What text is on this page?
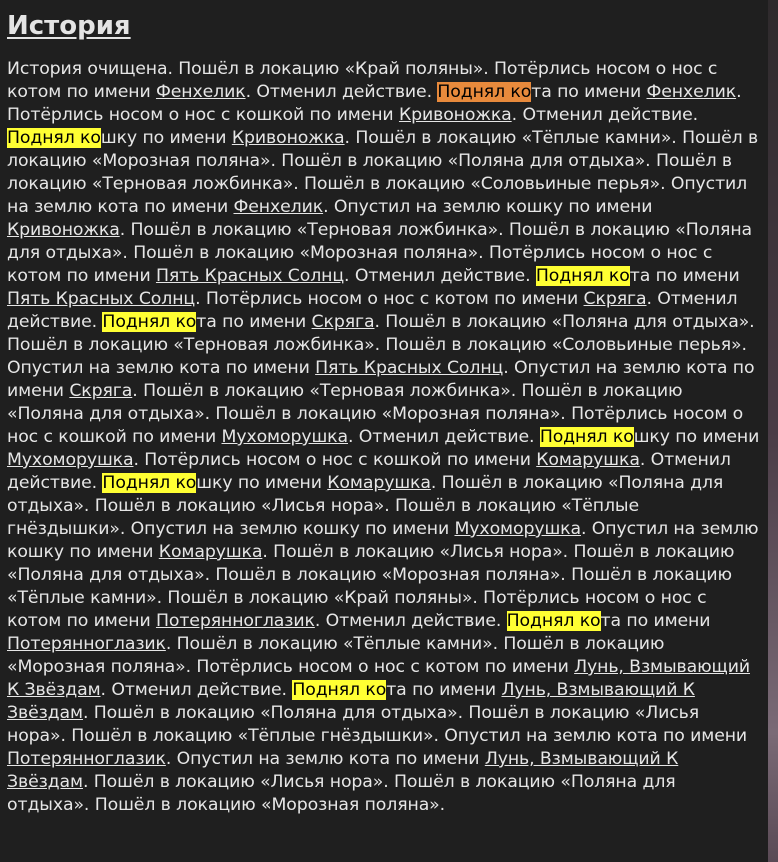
История
История очищена. Пошёл в локацию «Край поляны». Потёрлись носом о нос с котом по имени Фенхелик. Отменил действие. Поднял кота по имени Фенхелик. Потёрлись носом о нос с кошкой по имени Кривоножка. Отменил действие. Поднял кошку по имени Кривоножка. Пошёл в локацию «Тёплые камни». Пошёл в локацию «Морозная поляна». Пошёл в локацию «Поляна для отдыха». Пошёл в локацию «Терновая ложбинка». Пошёл в локацию «Соловьиные перья». Опустил на землю кота по имени Фенхелик. Опустил на землю кошку по имени Кривоножка. Пошёл в локацию «Терновая ложбинка». Пошёл в локацию «Поляна для отдыха». Пошёл в локацию «Морозная поляна». Потёрлись носом о нос с котом по имени Пять Красных Солнц. Отменил действие. Поднял кота по имени Пять Красных Солнц. Потёрлись носом о нос с котом по имени Скряга. Отменил действие. Поднял кота по имени Скряга. Пошёл в локацию «Поляна для отдыха». Пошёл в локацию «Терновая ложбинка». Пошёл в локацию «Соловьиные перья». Опустил на землю кота по имени Пять Красных Солнц. Опустил на землю кота по имени Скряга. Пошёл в локацию «Терновая ложбинка». Пошёл в локацию «Поляна для отдыха». Пошёл в локацию «Морозная поляна». Потёрлись носом о нос с кошкой по имени Мухоморушка. Отменил действие. Поднял кошку по имени Мухоморушка. Потёрлись носом о нос с кошкой по имени Комарушка. Отменил действие. Поднял кошку по имени Комарушка. Пошёл в локацию «Поляна для отдыха». Пошёл в локацию «Лисья нора». Пошёл в локацию «Тёплые гнёздышки». Опустил на землю кошку по имени Мухоморушка. Опустил на землю кошку по имени Комарушка. Пошёл в локацию «Лисья нора». Пошёл в локацию «Поляна для отдыха». Пошёл в локацию «Морозная поляна». Пошёл в локацию «Тёплые камни». Пошёл в локацию «Край поляны». Потёрлись носом о нос с котом по имени Потерянноглазик. Отменил действие. Поднял кота по имени Потерянноглазик. Пошёл в локацию «Тёплые камни». Пошёл в локацию «Морозная поляна». Потёрлись носом о нос с котом по имени Лунь, Взмывающий К Звёздам. Отменил действие. Поднял кота по имени Лунь, Взмывающий К Звёздам. Пошёл в локацию «Поляна для отдыха». Пошёл в локацию «Лисья нора». Пошёл в локацию «Тёплые гнёздышки». Опустил на землю кота по имени Потерянноглазик. Опустил на землю кота по имени Лунь, Взмывающий К Звёздам. Пошёл в локацию «Лисья нора». Пошёл в локацию «Поляна для отдыха». Пошёл в локацию «Морозная поляна».
